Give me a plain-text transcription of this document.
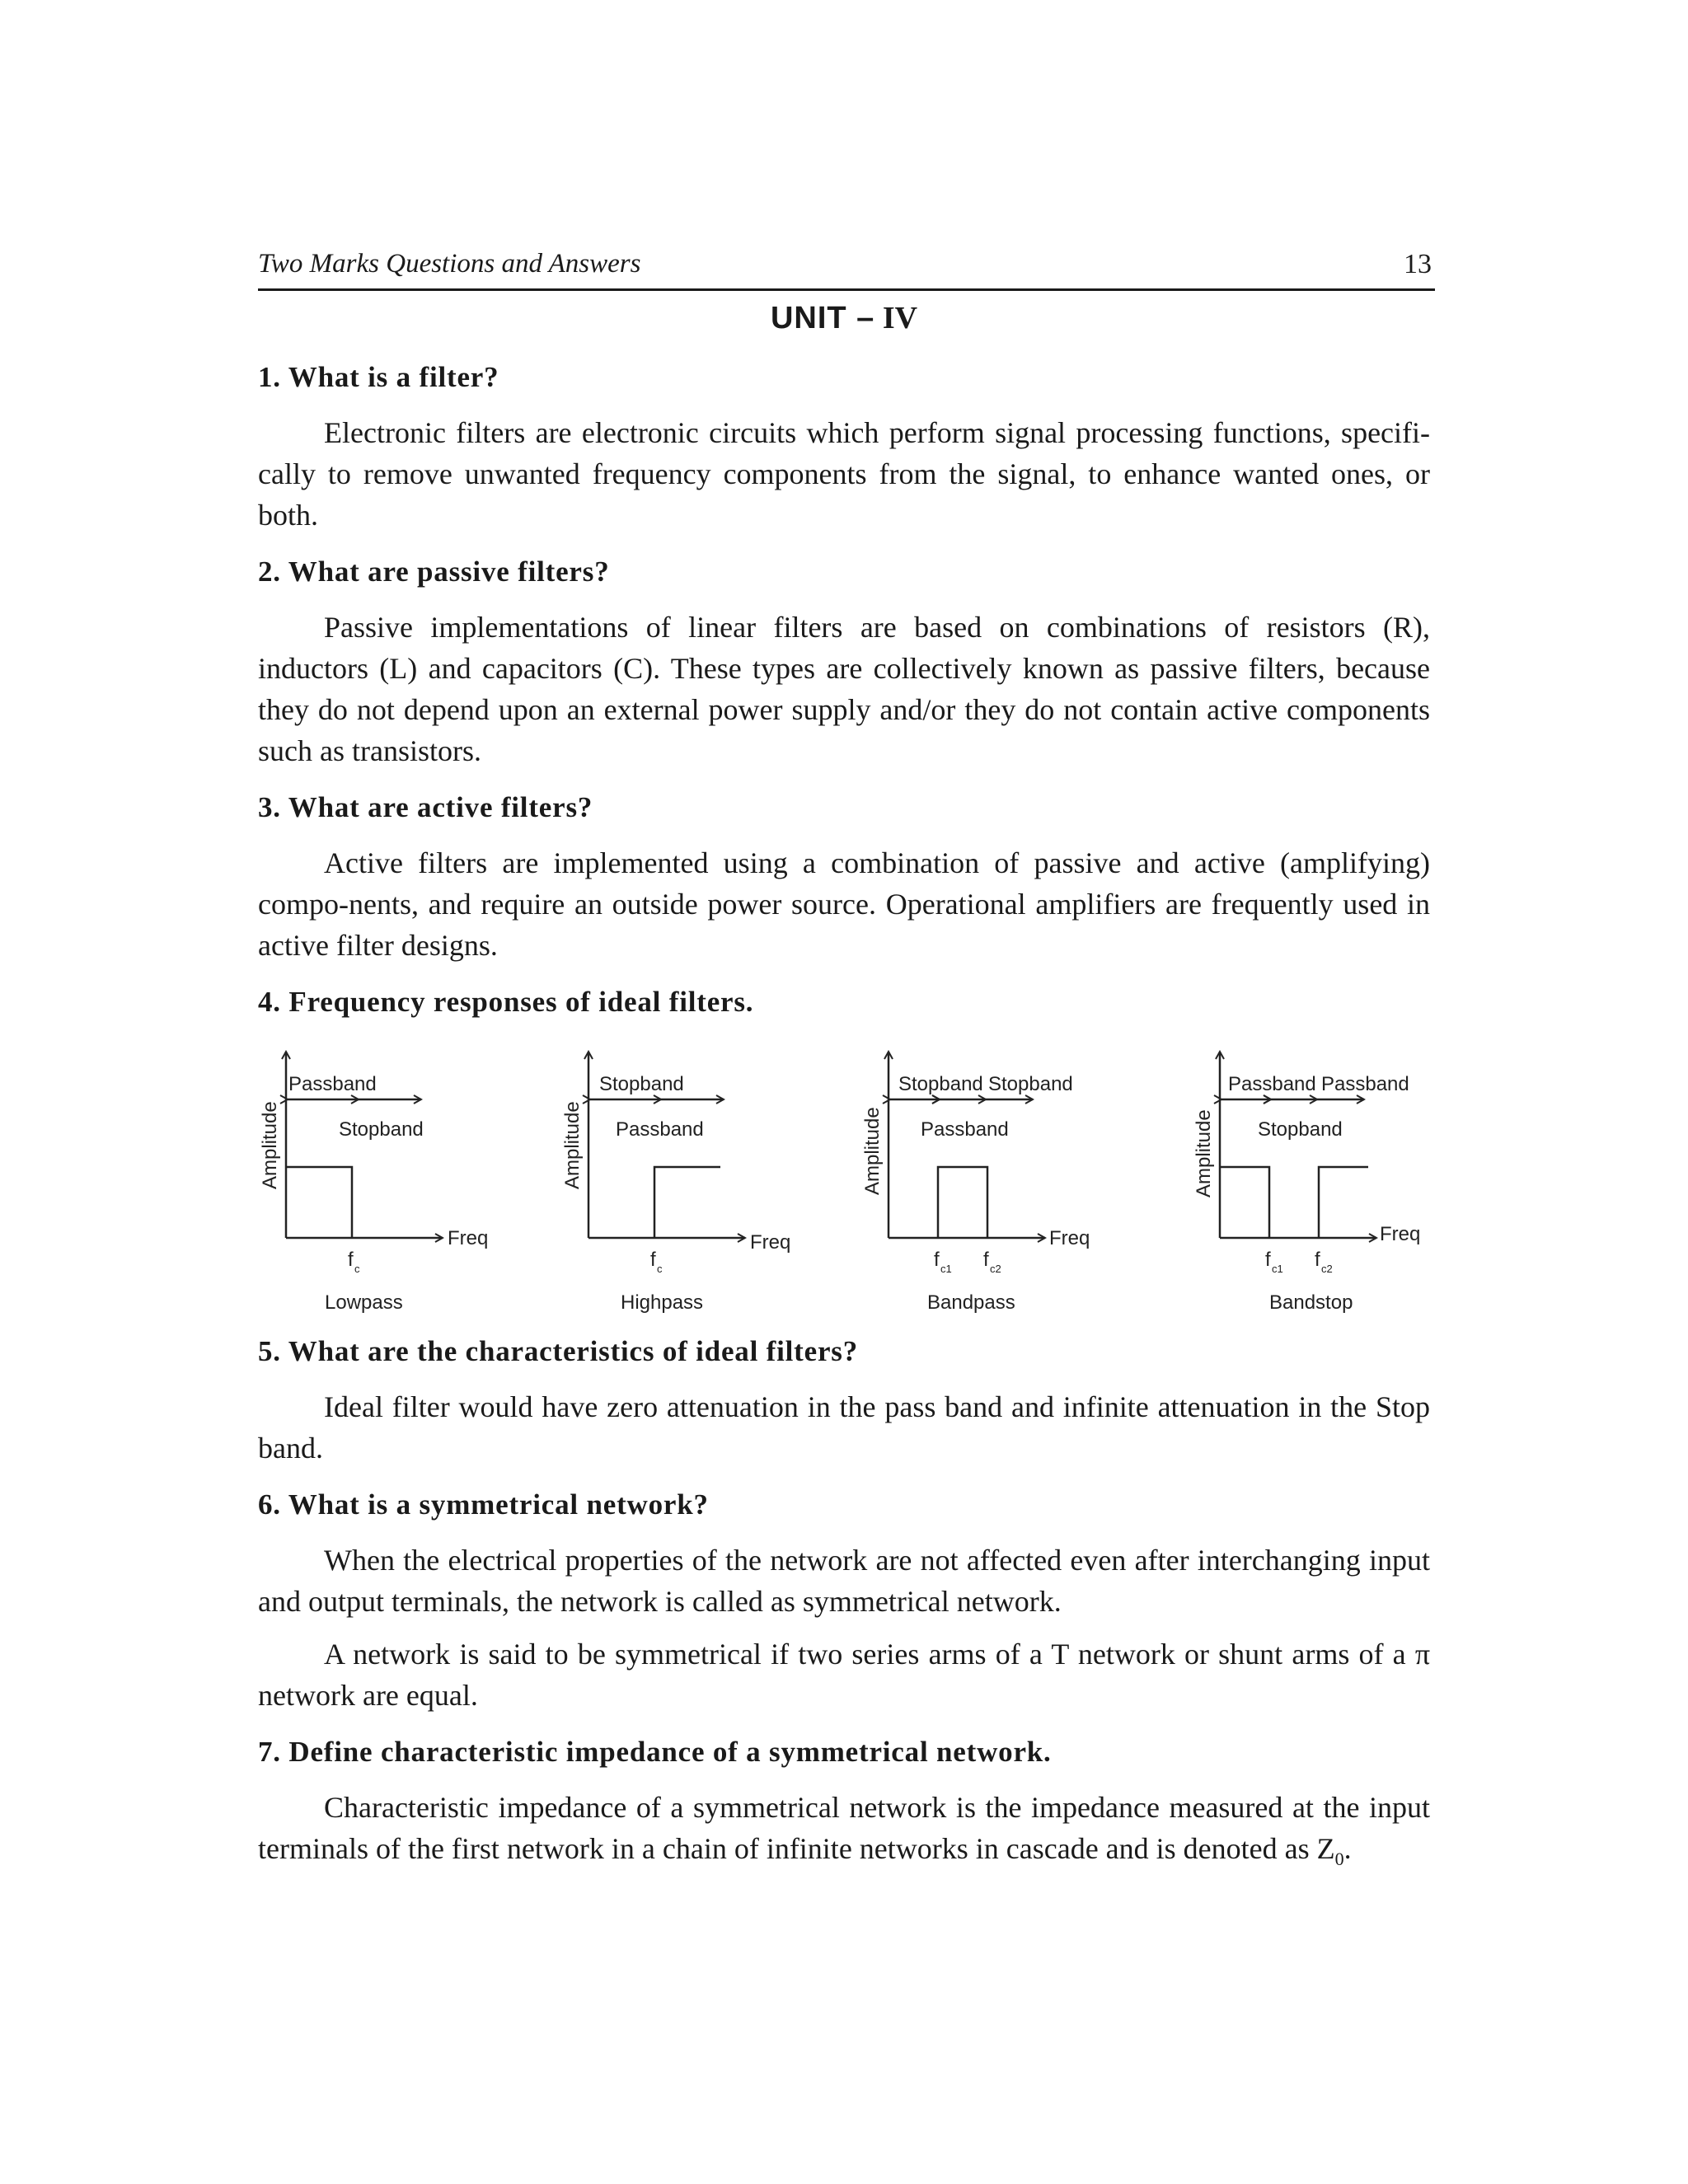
Two Marks Questions and Answers	13
UNIT – IV

1. What is a filter?

Electronic filters are electronic circuits which perform signal processing functions, specifi-cally to remove unwanted frequency components from the signal, to enhance wanted ones, or both.

2. What are passive filters?

Passive implementations of linear filters are based on combinations of resistors (R), inductors (L) and capacitors (C). These types are collectively known as passive filters, because they do not depend upon an external power supply and/or they do not contain active components such as transistors.

3. What are active filters?

Active filters are implemented using a combination of passive and active (amplifying) compo-nents, and require an outside power source. Operational amplifiers are frequently used in active filter designs.

4. Frequency responses of ideal filters.

Amplitude
Passband
Stopband
Freq
f c
Lowpass
Amplitude
Stopband
Passband
Freq
f c
Highpass
Amplitude
Stopband Stopband
Passband
Freq
f c1 f c2
Bandpass
Amplitude
Passband Passband
Stopband
Freq
f c1 f c2
Bandstop

5. What are the characteristics of ideal filters?

Ideal filter would have zero attenuation in the pass band and infinite attenuation in the Stop band.

6. What is a symmetrical network?

When the electrical properties of the network are not affected even after interchanging input and output terminals, the network is called as symmetrical network.

A network is said to be symmetrical if two series arms of a T network or shunt arms of a π network are equal.

7. Define characteristic impedance of a symmetrical network.

Characteristic impedance of a symmetrical network is the impedance measured at the input terminals of the first network in a chain of infinite networks in cascade and is denoted as $Z_0$.
